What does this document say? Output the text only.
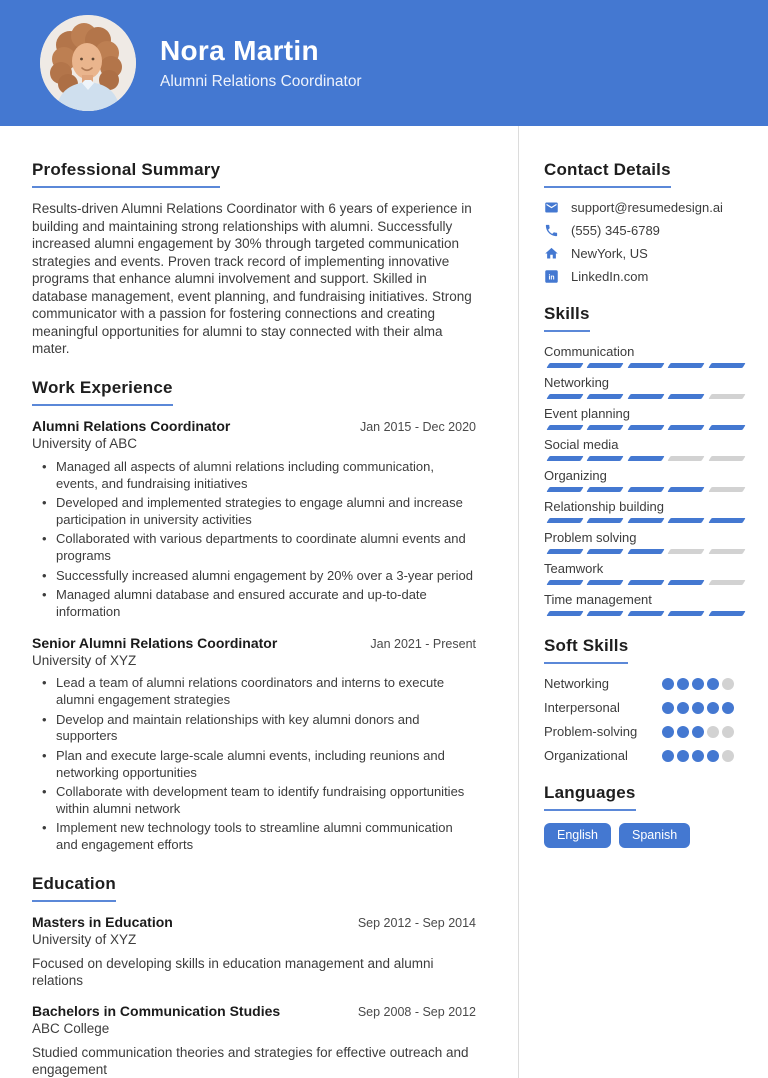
Nora Martin
Alumni Relations Coordinator
Professional Summary

Results-driven Alumni Relations Coordinator with 6 years of experience in building and maintaining strong relationships with alumni. Successfully increased alumni engagement by 30% through targeted communication strategies and events. Proven track record of implementing innovative programs that enhance alumni involvement and support. Skilled in database management, event planning, and fundraising initiatives. Strong communicator with a passion for fostering connections and creating meaningful opportunities for alumni to stay connected with their alma mater.

Work Experience
Alumni Relations Coordinator	Jan 2015 - Dec 2020
University of ABC
• Managed all aspects of alumni relations including communication, events, and fundraising initiatives
• Developed and implemented strategies to engage alumni and increase participation in university activities
• Collaborated with various departments to coordinate alumni events and programs
• Successfully increased alumni engagement by 20% over a 3-year period
• Managed alumni database and ensured accurate and up-to-date information
Senior Alumni Relations Coordinator	Jan 2021 - Present
University of XYZ
• Lead a team of alumni relations coordinators and interns to execute alumni engagement strategies
• Develop and maintain relationships with key alumni donors and supporters
• Plan and execute large-scale alumni events, including reunions and networking opportunities
• Collaborate with development team to identify fundraising opportunities within alumni network
• Implement new technology tools to streamline alumni communication and engagement efforts
Education
Masters in Education	Sep 2012 - Sep 2014
University of XYZ

Focused on developing skills in education management and alumni relations

Bachelors in Communication Studies	Sep 2008 - Sep 2012
ABC College

Studied communication theories and strategies for effective outreach and engagement

Contact Details
support@resumedesign.ai
(555) 345-6789
NewYork, US
in LinkedIn.com
Skills
Communication
Networking
Event planning
Social media
Organizing
Relationship building
Problem solving
Teamwork
Time management
Soft Skills
Networking
Interpersonal
Problem-solving
Organizational
Languages
English	Spanish
